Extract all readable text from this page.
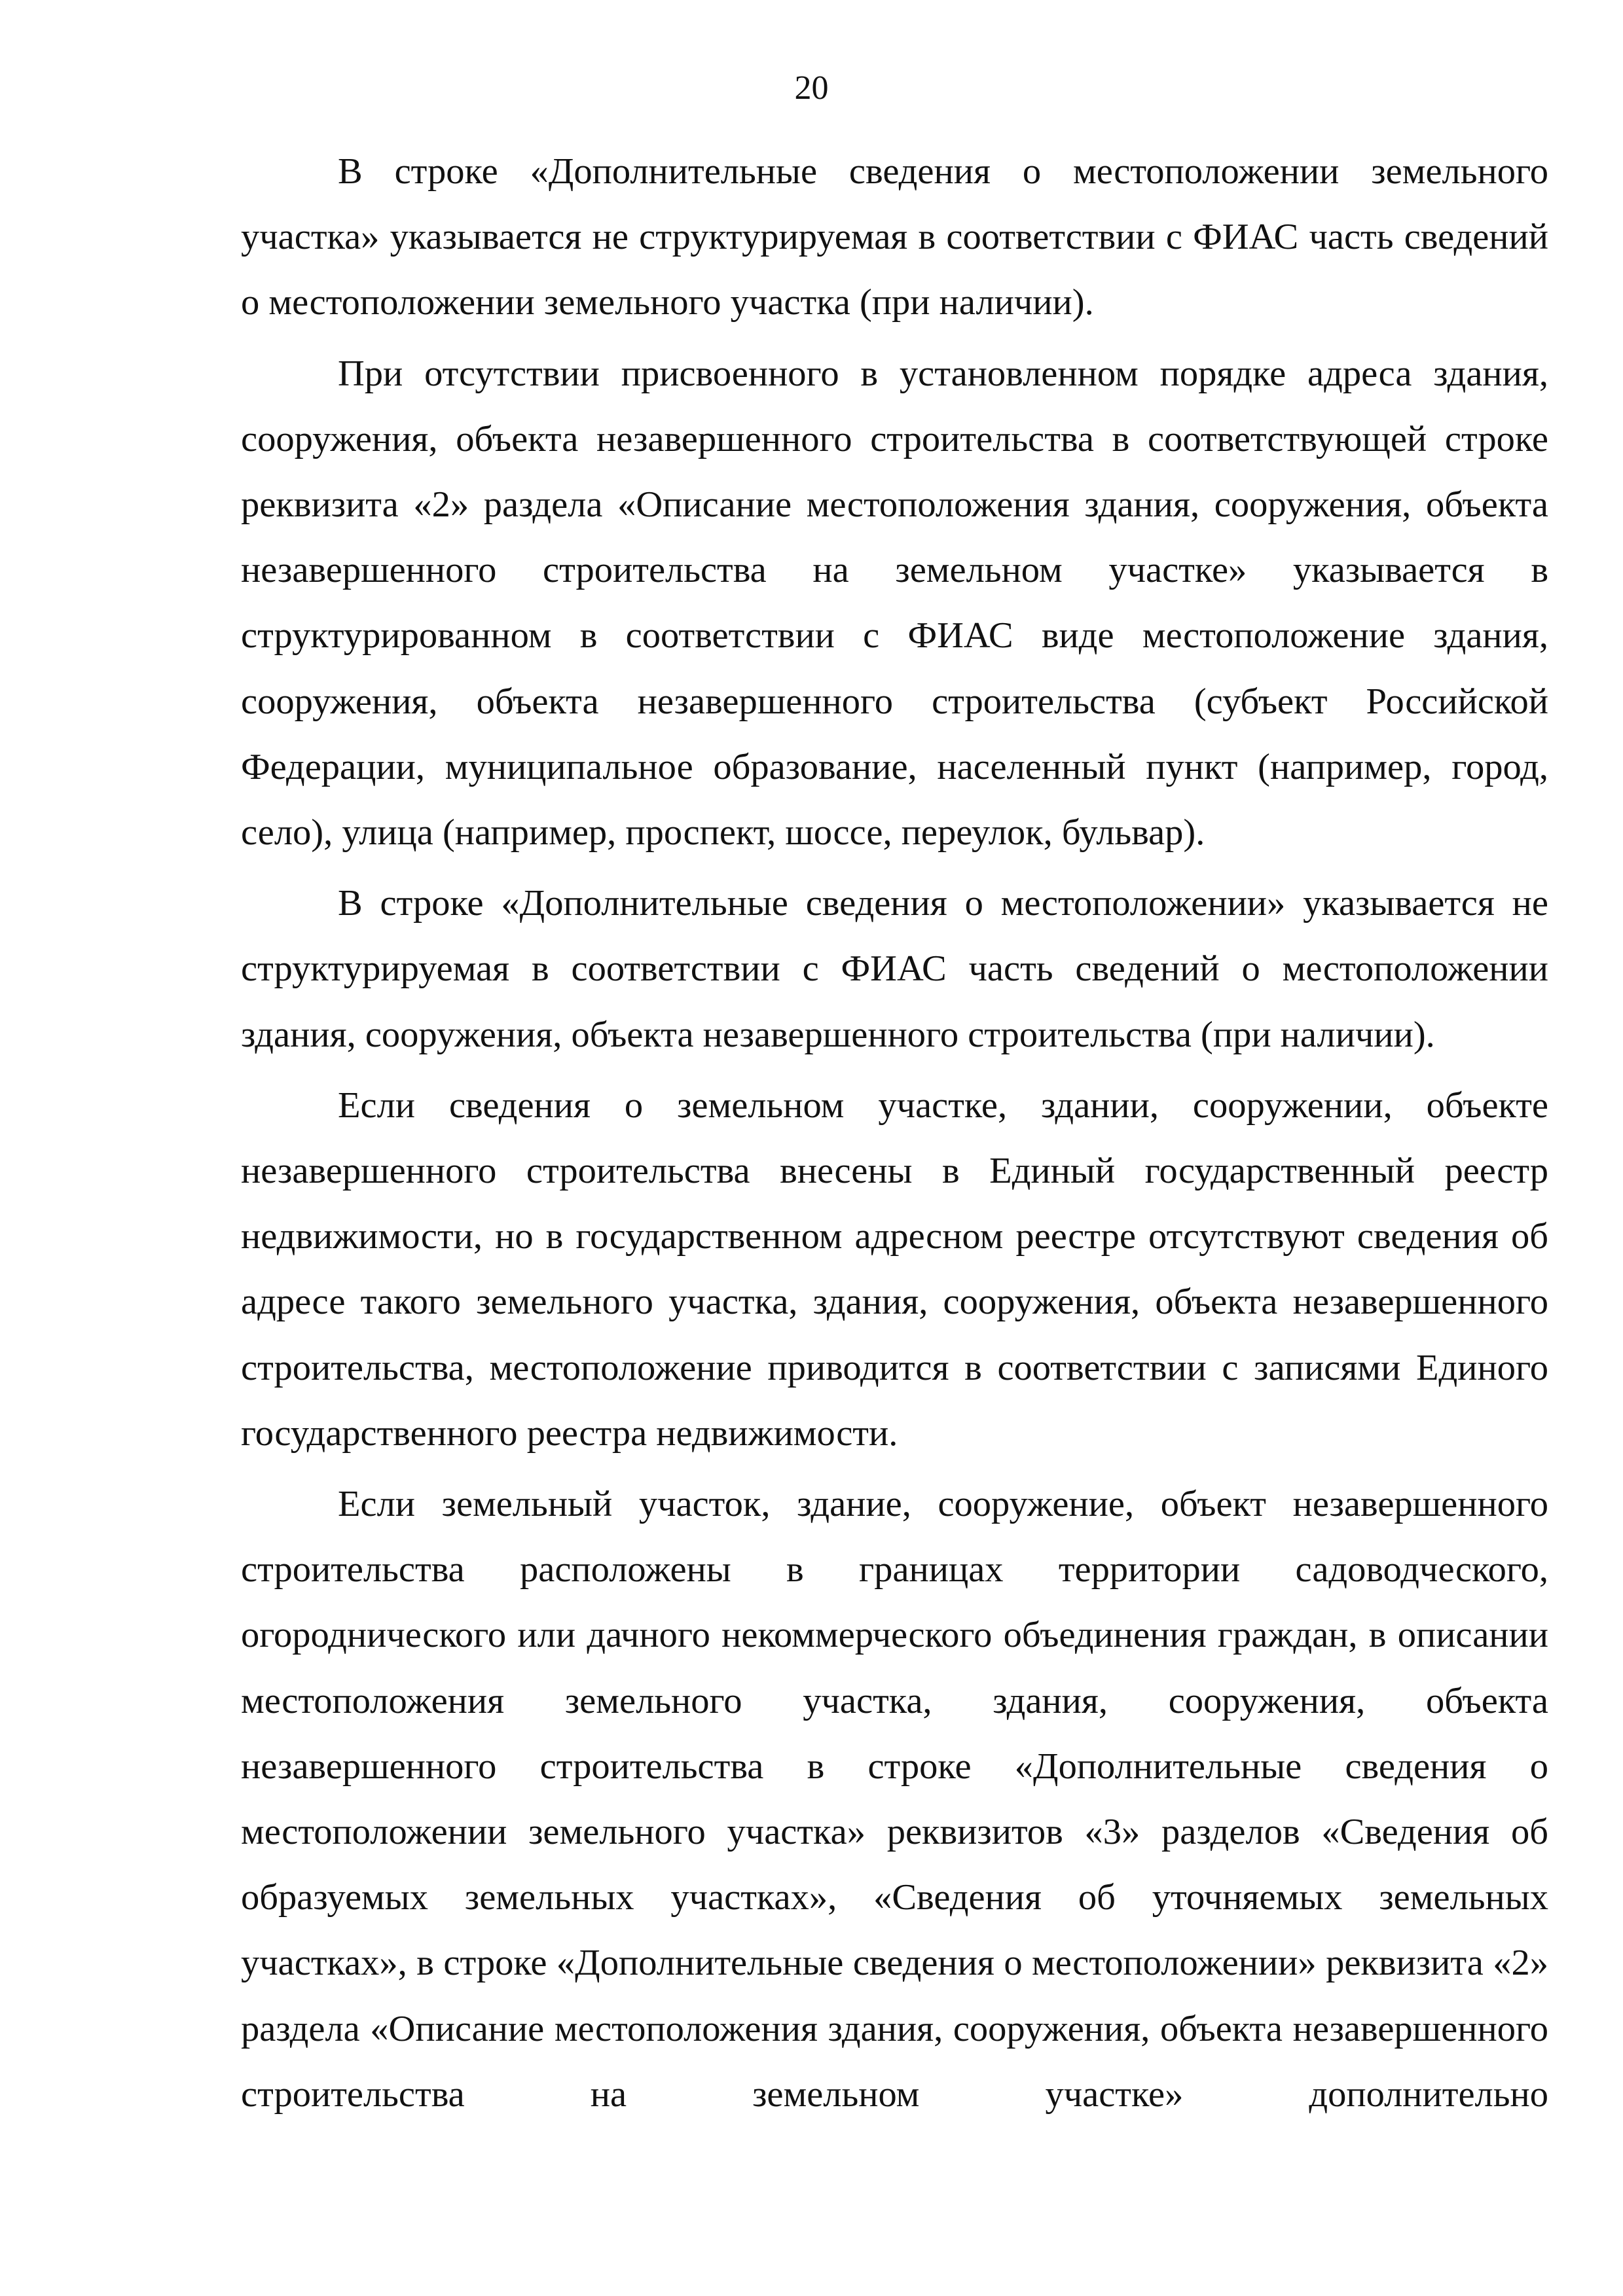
20

В строке «Дополнительные сведения о местоположении земельного участка» указывается не структурируемая в соответствии с ФИАС часть сведений о местоположении земельного участка (при наличии).

При отсутствии присвоенного в установленном порядке адреса здания, сооружения, объекта незавершенного строительства в соответствующей строке реквизита «2» раздела «Описание местоположения здания, сооружения, объекта незавершенного строительства на земельном участке» указывается в структурированном в соответствии с ФИАС виде местоположение здания, сооружения, объекта незавершенного строительства (субъект Российской Федерации, муниципальное образование, населенный пункт (например, город, село), улица (например, проспект, шоссе, переулок, бульвар).

В строке «Дополнительные сведения о местоположении» указывается не структурируемая в соответствии с ФИАС часть сведений о местоположении здания, сооружения, объекта незавершенного строительства (при наличии).

Если сведения о земельном участке, здании, сооружении, объекте незавершенного строительства внесены в Единый государственный реестр недвижимости, но в государственном адресном реестре отсутствуют сведения об адресе такого земельного участка, здания, сооружения, объекта незавершенного строительства, местоположение приводится в соответствии с записями Единого государственного реестра недвижимости.

Если земельный участок, здание, сооружение, объект незавершенного строительства расположены в границах территории садоводческого, огороднического или дачного некоммерческого объединения граждан, в описании местоположения земельного участка, здания, сооружения, объекта незавершенного строительства в строке «Дополнительные сведения о местоположении земельного участка» реквизитов «3» разделов «Сведения об образуемых земельных участках», «Сведения об уточняемых земельных участках», в строке «Дополнительные сведения о местоположении» реквизита «2» раздела «Описание местоположения здания, сооружения, объекта незавершенного строительства на земельном участке» дополнительно
